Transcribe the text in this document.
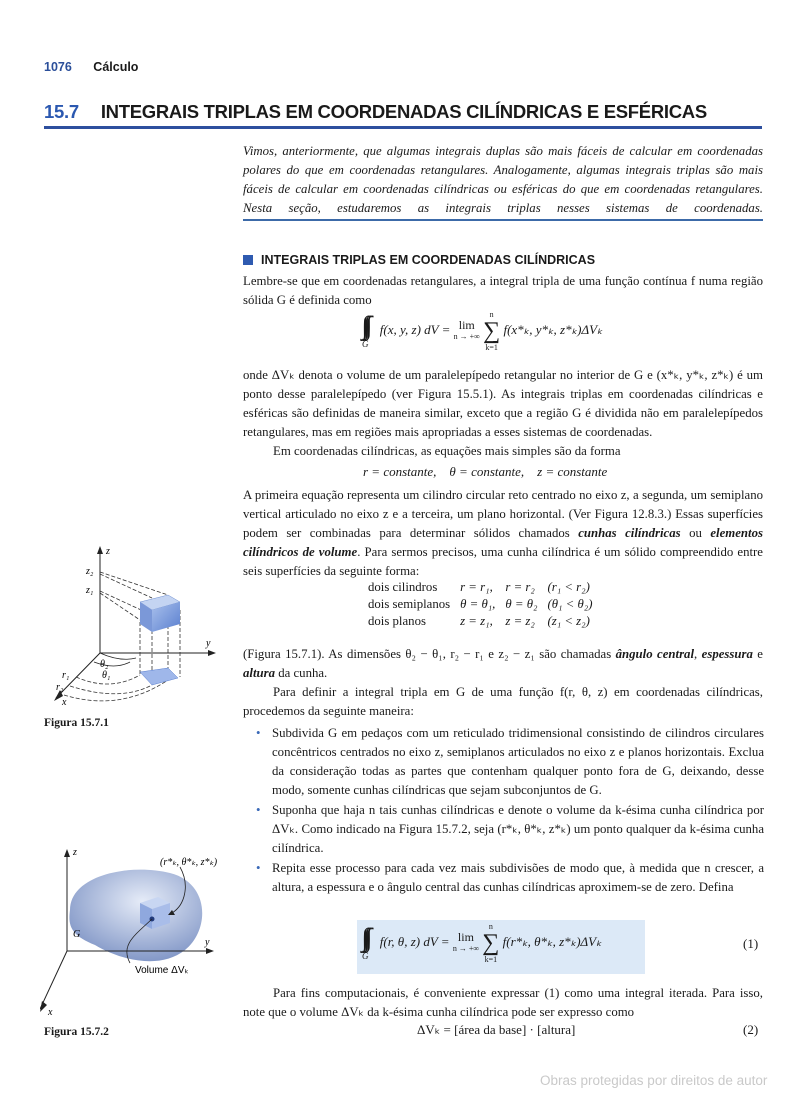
1076 Cálculo
15.7 INTEGRAIS TRIPLAS EM COORDENADAS CILÍNDRICAS E ESFÉRICAS
Vimos, anteriormente, que algumas integrais duplas são mais fáceis de calcular em coordenadas polares do que em coordenadas retangulares. Analogamente, algumas integrais triplas são mais fáceis de calcular em coordenadas cilíndricas ou esféricas do que em coordenadas retangulares. Nesta seção, estudaremos as integrais triplas nesses sistemas de coordenadas.
INTEGRAIS TRIPLAS EM COORDENADAS CILÍNDRICAS
Lembre-se que em coordenadas retangulares, a integral tripla de uma função contínua f numa região sólida G é definida como
G
f(x, y, z) dV = lim
n → +∞

n
∑
k=1
f(x*ₖ, y*ₖ, z*ₖ)ΔVₖ
onde ΔVₖ denota o volume de um paralelepípedo retangular no interior de G e (x*ₖ, y*ₖ, z*ₖ) é um ponto desse paralelepípedo (ver Figura 15.5.1). As integrais triplas em coordenadas cilíndricas e esféricas são definidas de maneira similar, exceto que a região G é dividida não em paralelepípedos retangulares, mas em regiões mais apropriadas a esses sistemas de coordenadas.
Em coordenadas cilíndricas, as equações mais simples são da forma
r = constante,    θ = constante,    z = constante
A primeira equação representa um cilindro circular reto centrado no eixo z, a segunda, um semiplano vertical articulado no eixo z e a terceira, um plano horizontal. (Ver Figura 12.8.3.) Essas superfícies podem ser combinadas para determinar sólidos chamados cunhas cilíndricas ou elementos cilíndricos de volume. Para sermos precisos, uma cunha cilíndrica é um sólido compreendido entre seis superfícies da seguinte forma:
dois cilindros	r = r₁,	r = r₂	(r₁ < r₂)
dois semiplanos	θ = θ₁,	θ = θ₂	(θ₁ < θ₂)
dois planos	z = z₁,	z = z₂	(z₁ < z₂)
(Figura 15.7.1). As dimensões θ₂ − θ₁, r₂ − r₁ e z₂ − z₁ são chamadas ângulo central, espessura e altura da cunha.
Para definir a integral tripla em G de uma função f(r, θ, z) em coordenadas cilíndricas, procedemos da seguinte maneira:
• Subdivida G em pedaços com um reticulado tridimensional consistindo de cilindros circulares concêntricos centrados no eixo z, semiplanos articulados no eixo z e planos horizontais. Exclua da consideração todas as partes que contenham qualquer ponto fora de G, deixando, desse modo, somente cunhas cilíndricas que sejam subconjuntos de G.
• Suponha que haja n tais cunhas cilíndricas e denote o volume da k-ésima cunha cilíndrica por ΔVₖ. Como indicado na Figura 15.7.2, seja (r*ₖ, θ*ₖ, z*ₖ) um ponto qualquer da k-ésima cunha cilíndrica.
• Repita esse processo para cada vez mais subdivisões de modo que, à medida que n crescer, a altura, a espessura e o ângulo central das cunhas cilíndricas aproximem-se de zero. Defina
G
f(r, θ, z) dV = lim
n → +∞

n
∑
k=1
f(r*ₖ, θ*ₖ, z*ₖ)ΔVₖ	(1)
Para fins computacionais, é conveniente expressar (1) como uma integral iterada. Para isso, note que o volume ΔVₖ da k-ésima cunha cilíndrica pode ser expresso como
ΔVₖ = [área da base] · [altura]	(2)
z
y
x
z₂
z₁
r₁
r₂
θ₂
θ₁
Figura 15.7.1
z
y
x
G
(r*ₖ, θ*ₖ, z*ₖ)
Volume ΔVₖ
Figura 15.7.2
Obras protegidas por direitos de autor
